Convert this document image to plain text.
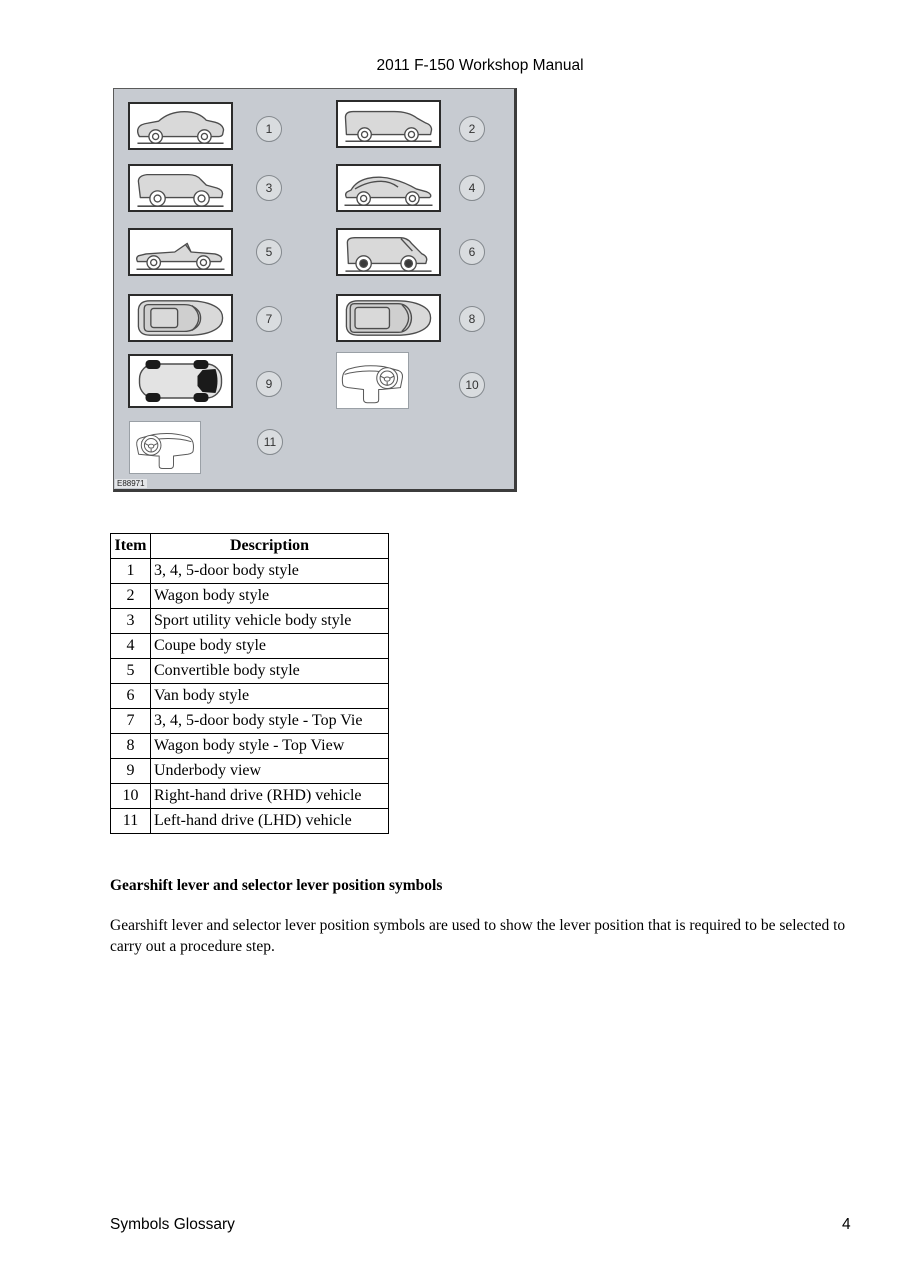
2011 F-150 Workshop Manual
1	2
3	4
5	6
7	8
9	10
11
E88971
Item	Description
1	3, 4, 5-door body style
2	Wagon body style
3	Sport utility vehicle body style
4	Coupe body style
5	Convertible body style
6	Van body style
7	3, 4, 5-door body style - Top Vie
8	Wagon body style - Top View
9	Underbody view
10	Right-hand drive (RHD) vehicle
11	Left-hand drive (LHD) vehicle
Gearshift lever and selector lever position symbols
Gearshift lever and selector lever position symbols are used to show the lever position that is required to be selected to carry out a procedure step.
Symbols Glossary	4
